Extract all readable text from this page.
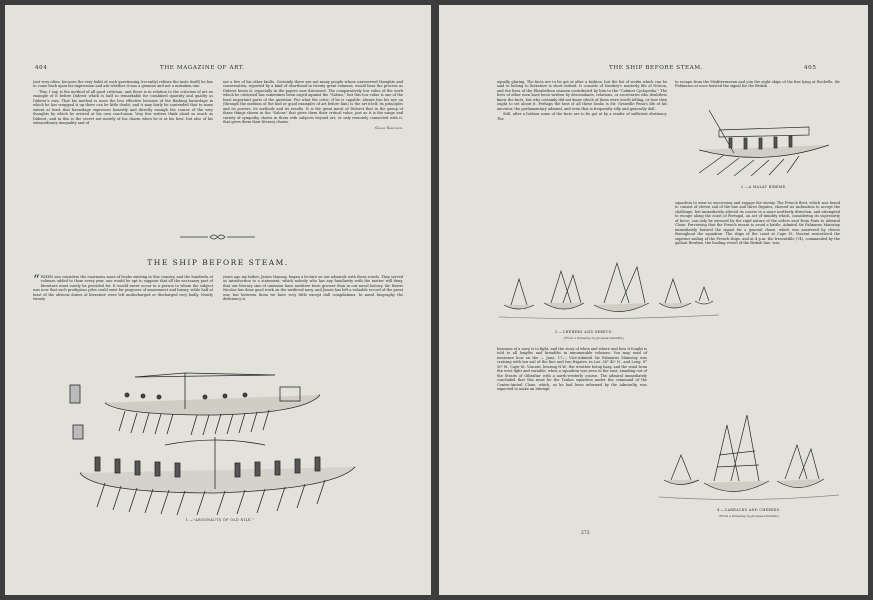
404	THE MAGAZINE OF ART.

(not very often, because the very habit of such questioning (recently) refines the taste itself) he has to come back upon his impression and ask whether it was a genuine and not a mistaken one.

This, I say, is the method of all good criticism, and there is in relation to the criticism of art no example of it before Diderot which is half so remarkable for combined quantity and quality as Diderot's own. That his method is none the less effective because of the flashing bavardage in which he has wrapped it up there can be little doubt; and it may fairly be contended that to some extent at least that bavardage expresses honestly and directly enough the course of the very thoughts by which he arrived at his own conclusion. Very few writers think aloud so much as Diderot, and in this is the secret not merely of his charm when he is at his best, but also of his extraordinary inequality and of

not a few of his other faults. Certainly there are not many people whose unreserved thoughts and conversation, reported by a kind of shorthand in twenty great volumes, would bear the process as Diderot bears it, especially in the papers now discussed. The comparatively low value of the work which he criticised has sometimes been urged against the "Salons," but this low value is one of the least important parts of the question. For what the critic, if he is capable, always has his eye on (through the medium of the bad or good examples of art before him) is the art itself, its principles and its powers, its methods and its results. It is the great merit of Diderot that in the group of these things shown in the "Salons" that gives them their critical value, just as it is the range and variety of sympathy shown in them with subjects beyond art, or only remotely connected with it, that gives them their literary charm.

George Saintsbury.
THE SHIP BEFORE STEAM.

“ WHEN one considers the enormous mass of books existing in this country, and the hundreds of volumes added to them every year, one would be apt to suppose that all the necessary part of literature must surely be provided for. It would never occur to a person to whom the subject was new that such prodigious piles could exist for purposes of amusement and luxury, while half at least of the obvious duties of literature were left undischarged or discharged very badly. Nearly twenty

years ago my father, James Hannay, began a lecture on our admirals with these words. They served as introduction to a statement, which nobody who has any familiarity with the matter will deny, that our literary sins of omission have nowhere been grosser than in our naval history. Sir Harris Nicolas has done good work on the medieval navy, and James has left a valuable record of the great war, but between them we have very little except dull compilations. In naval biography the deficiency is

1.—"ARGONAUTS OF OLD NILE."
THE SHIP BEFORE STEAM.	405

equally glaring. The facts are to be got at after a fashion, but the list of works which can be said to belong to literature is short indeed. It consists of Southey's masterly life of Nelson, and the lives of the Elizabethan seamen contributed by him to the "Cabinet Cyclopedia." The lives of other men have been written by descendants, relations, or secretaries who doubtless knew the facts, but who certainly did not know which of them were worth telling, or how they ought to set about it. Perhaps the best of all these books is Mr. Granville Penn's life of his ancestor, the parliamentary admiral, and even that is frequently silly and generally dull.

Still, after a fashion some of the facts are to be got at by a reader of sufficient obstinacy. The

to escape from the Mediterranean and join the eight ships of the line lying at Rochelle. Sir Pulimurus at once hoisted the signal for the British

2.—A MALAY BIREME.

squadron to wear in succession and engage the enemy. The French fleet, which was found to consist of eleven sail of the line and three frigates, showed no inclination to accept the challenge, but immediately altered its course to a more northerly direction, and attempted to escape along the coast of Portugal, an act of timidity which, considering its superiority of force, can only be excused by the rigid nature of the orders sent from Paris to Admiral Cloue. Perceiving that the French meant to avoid a battle, Admiral Sir Palinurus Mainstay immediately hoisted the signal for a general chase, which was answered by cheers throughout the squadron. The ships of the coast at Cape St. Vincent neutralised the superior sailing of the French ships, and at 4 p.m. the Irresistible (74), commanded by the gallant Bowline, the leading vessel of the British line, was

3.—CHEBEKS AND XEBECS.
(From a Drawing by Jacques Grandin.)

business of a navy is to fight, and the story of when and where and how it fought is told to all lengths and breadths in innumerable volumes. You may read of nonsense how on the — June, 17—, Vice-Admiral Sir Palinurus Mainstay was cruising with ten sail of the line and two frigates, in Lat. 36° 40' N., and Long. 8° 50' W., Cape St. Vincent, bearing N.W., the weather being hazy, and the wind from the west light and variable, when a squadron was seen to the east, standing out of the Straits of Gibraltar with a north-westerly course. The admiral immediately concluded that this must be the Toulon squadron under the command of the Contre-Amiral Cloue, which, as he had been informed by the Admiralty, was expected to make an attempt

4.—CARRACKS AND CHEBEKS.
(From a Drawing by Jacques Grandin.)
272
